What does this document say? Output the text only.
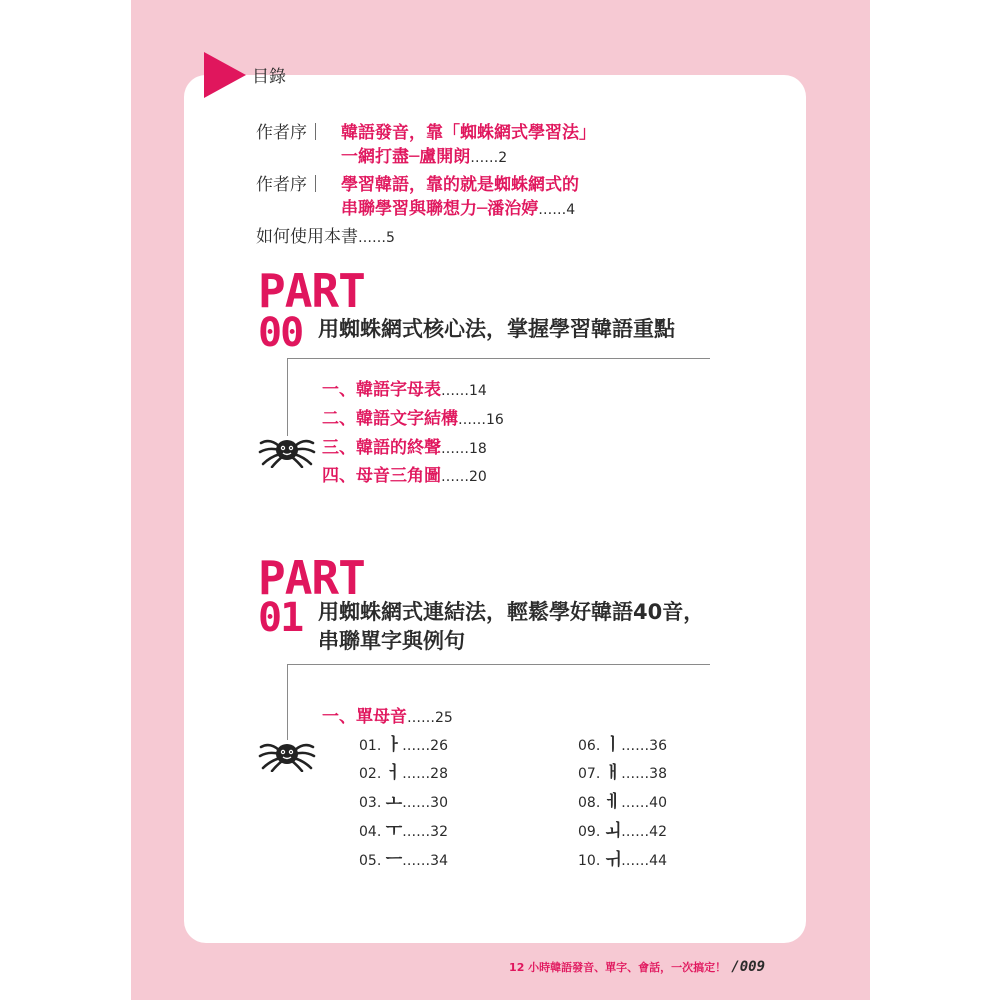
目錄
作者序｜ 韓語發音，靠「蜘蛛網式學習法」
一網打盡─盧開朗……2
作者序｜ 學習韓語，靠的就是蜘蛛網式的
串聯學習與聯想力─潘治婷……4
如何使用本書……5
PART
00 用蜘蛛網式核心法，掌握學習韓語重點
一、韓語字母表……14
二、韓語文字結構……16
三、韓語的終聲……18
四、母音三角圖……20
PART
01 用蜘蛛網式連結法，輕鬆學好韓語40音，
串聯單字與例句
一、單母音……25
01. ㅏ……26
02. ㅓ……28
03. ㅗ……30
04. ㅜ……32
05. ㅡ……34
06. ㅣ……36
07. ㅐ……38
08. ㅔ……40
09. ㅚ……42
10. ㅟ……44
12 小時韓語發音、單字、會話，一次搞定！ /009
